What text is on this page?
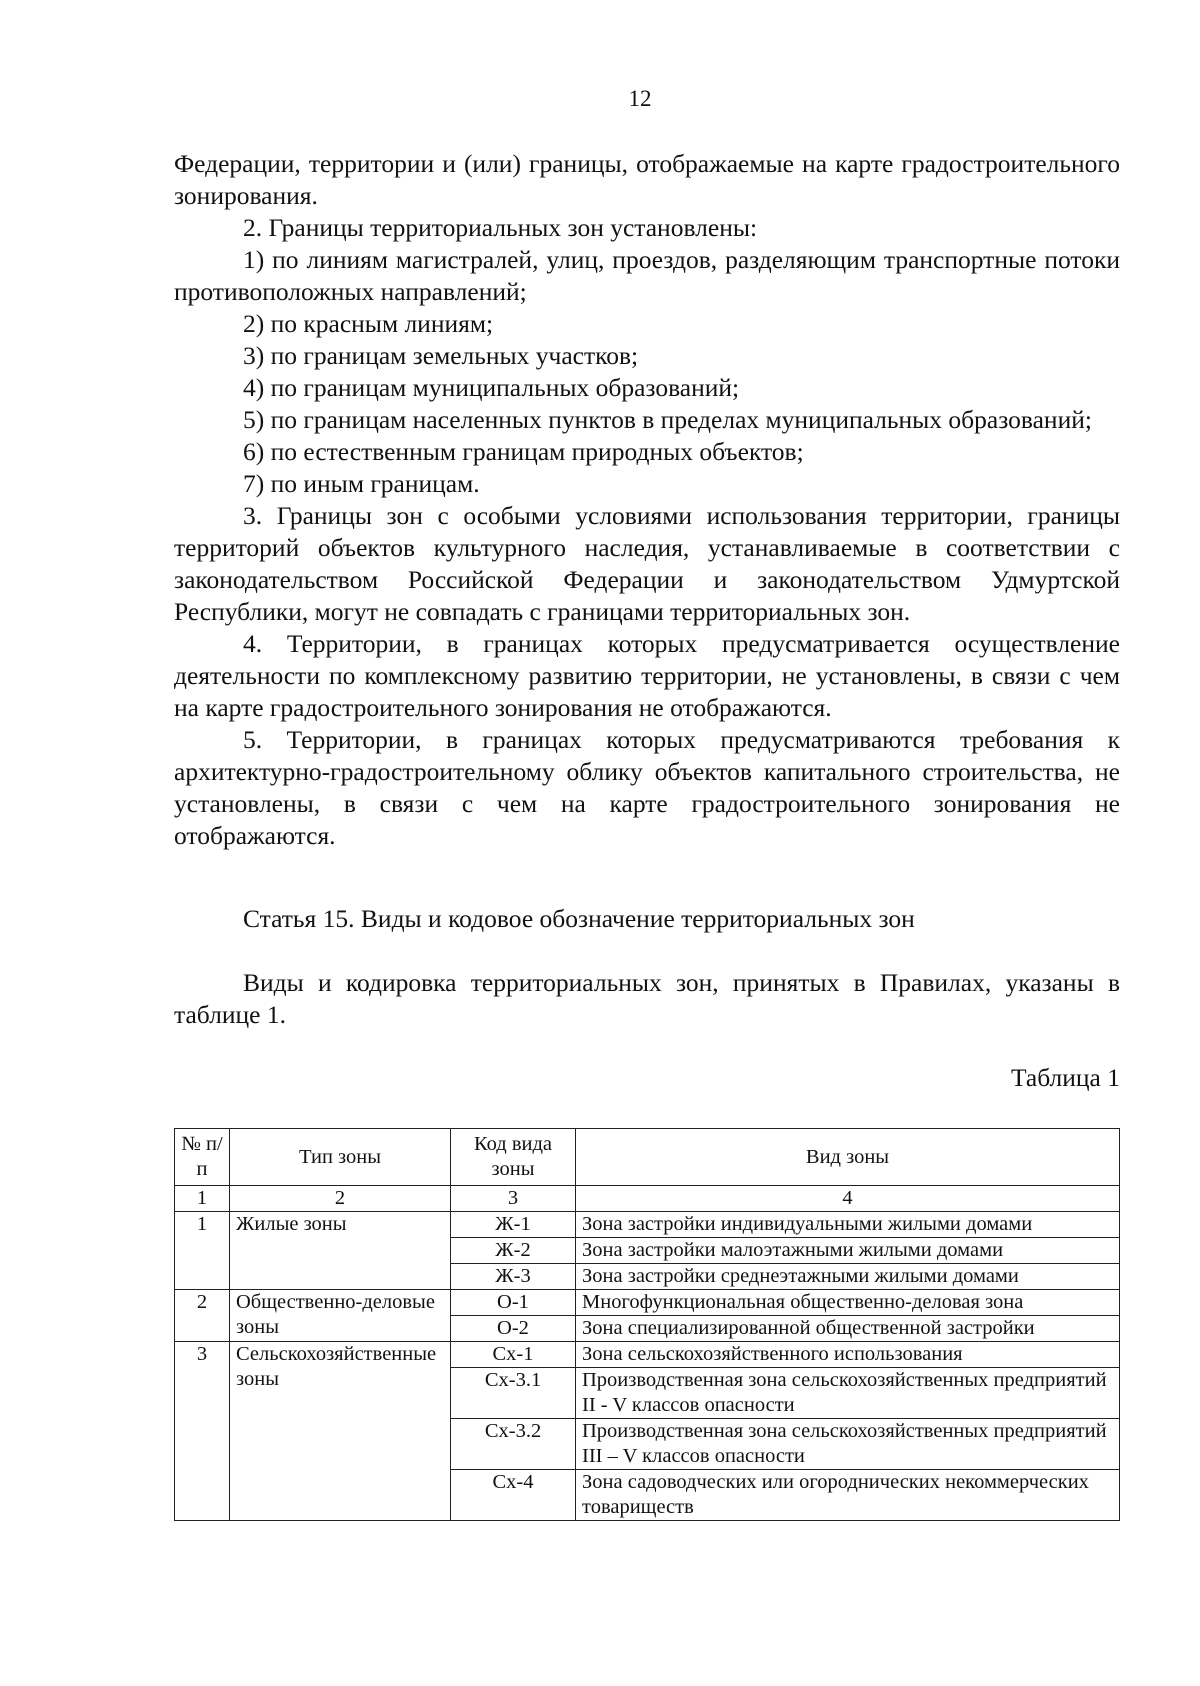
12

Федерации, территории и (или) границы, отображаемые на карте градостроительного зонирования.

2. Границы территориальных зон установлены:

1) по линиям магистралей, улиц, проездов, разделяющим транспортные потоки противоположных направлений;

2) по красным линиям;

3) по границам земельных участков;

4) по границам муниципальных образований;

5) по границам населенных пунктов в пределах муниципальных образований;

6) по естественным границам природных объектов;

7) по иным границам.

3. Границы зон с особыми условиями использования территории, границы территорий объектов культурного наследия, устанавливаемые в соответствии с законодательством Российской Федерации и законодательством Удмуртской Республики, могут не совпадать с границами территориальных зон.

4. Территории, в границах которых предусматривается осуществление деятельности по комплексному развитию территории, не установлены, в связи с чем на карте градостроительного зонирования не отображаются.

5. Территории, в границах которых предусматриваются требования к архитектурно-градостроительному облику объектов капитального строительства, не установлены, в связи с чем на карте градостроительного зонирования не отображаются.

Статья 15. Виды и кодовое обозначение территориальных зон
Виды и кодировка территориальных зон, принятых в Правилах, указаны в таблице 1.
Таблица 1
№ п/п	Тип зоны	Код вида зоны	Вид зоны
1	2	3	4
1	Жилые зоны	Ж-1	Зона застройки индивидуальными жилыми домами
		Ж-2	Зона застройки малоэтажными жилыми домами
		Ж-3	Зона застройки среднеэтажными жилыми домами
2	Общественно-деловые зоны	О-1	Многофункциональная общественно-деловая зона
		О-2	Зона специализированной общественной застройки
3	Сельскохозяйственные зоны	Сх-1	Зона сельскохозяйственного использования
		Сх-3.1	Производственная зона сельскохозяйственных предприятий II - V классов опасности
		Сх-3.2	Производственная зона сельскохозяйственных предприятий III – V классов опасности
		Сх-4	Зона садоводческих или огороднических некоммерческих товариществ
